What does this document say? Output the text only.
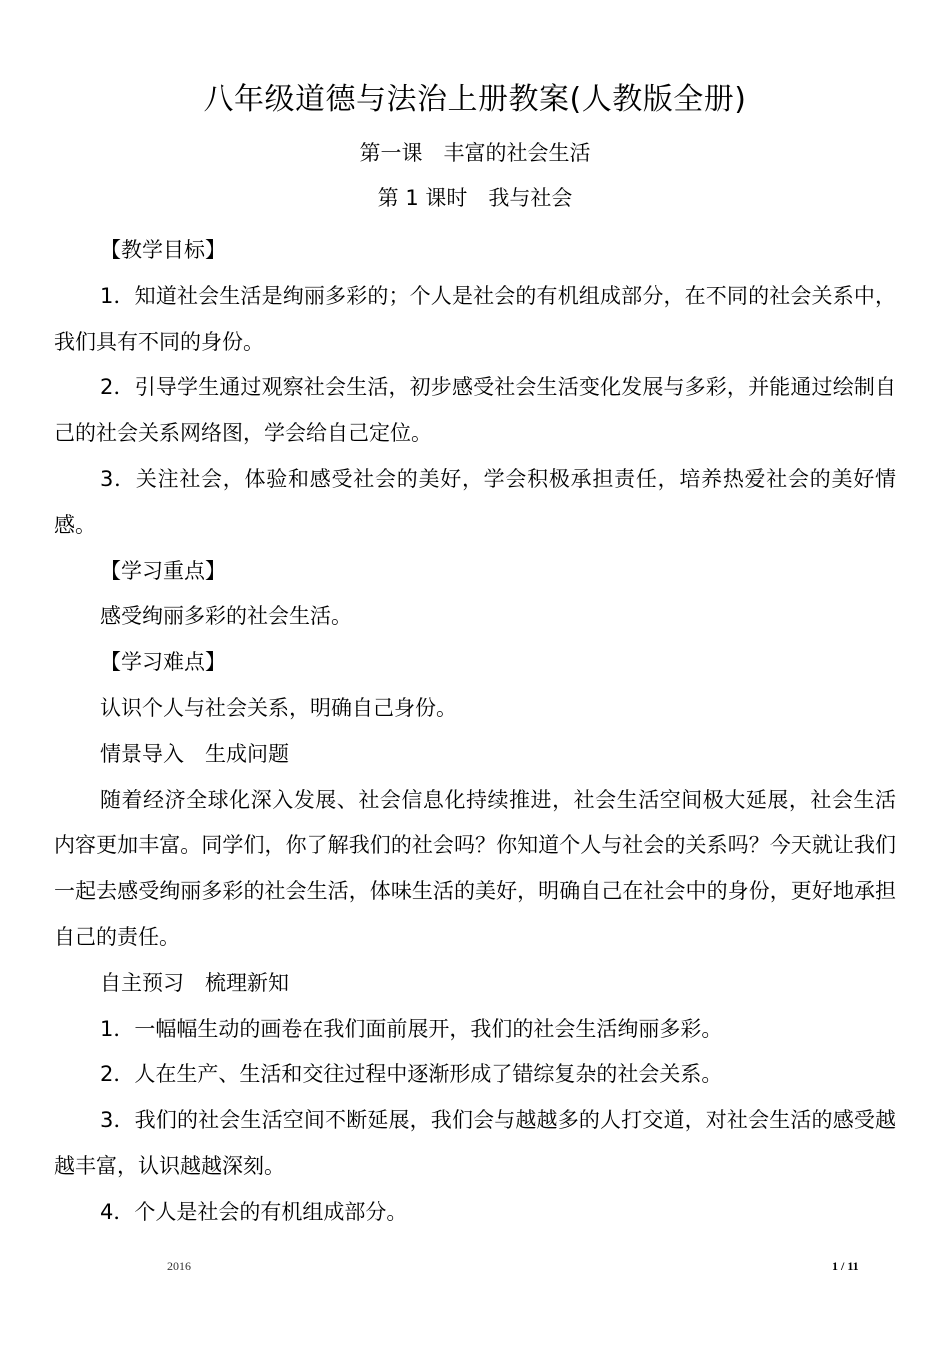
八年级道德与法治上册教案(人教版全册)
第一课　丰富的社会生活
第 1 课时　我与社会

【教学目标】

1．知道社会生活是绚丽多彩的；个人是社会的有机组成部分，在不同的社会关系中，我们具有不同的身份。

2．引导学生通过观察社会生活，初步感受社会生活变化发展与多彩，并能通过绘制自己的社会关系网络图，学会给自己定位。

3．关注社会，体验和感受社会的美好，学会积极承担责任，培养热爱社会的美好情感。

【学习重点】

感受绚丽多彩的社会生活。

【学习难点】

认识个人与社会关系，明确自己身份。

情景导入　生成问题

随着经济全球化深入发展、社会信息化持续推进，社会生活空间极大延展，社会生活内容更加丰富。同学们，你了解我们的社会吗？你知道个人与社会的关系吗？今天就让我们一起去感受绚丽多彩的社会生活，体味生活的美好，明确自己在社会中的身份，更好地承担自己的责任。

自主预习　梳理新知

1．一幅幅生动的画卷在我们面前展开，我们的社会生活绚丽多彩。

2．人在生产、生活和交往过程中逐渐形成了错综复杂的社会关系。

3．我们的社会生活空间不断延展，我们会与越越多的人打交道，对社会生活的感受越越丰富，认识越越深刻。

4．个人是社会的有机组成部分。

2016	1 / 11
